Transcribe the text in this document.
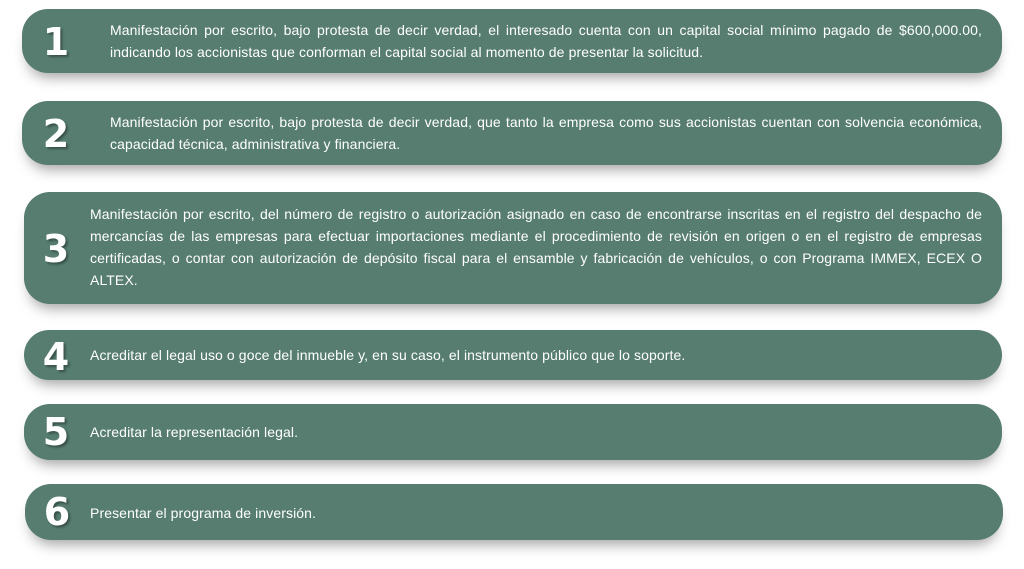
1	Manifestación por escrito, bajo protesta de decir verdad, el interesado cuenta con un capital social mínimo pagado de $600,000.00, indicando los accionistas que conforman el capital social al momento de presentar la solicitud.
2	Manifestación por escrito, bajo protesta de decir verdad, que tanto la empresa como sus accionistas cuentan con solvencia económica, capacidad técnica, administrativa y financiera.
3
Manifestación por escrito, del número de registro o autorización asignado en caso de encontrarse inscritas en el registro del despacho de mercancías de las empresas para efectuar importaciones mediante el procedimiento de revisión en origen o en el registro de empresas certificadas, o contar con autorización de depósito fiscal para el ensamble y fabricación de vehículos, o con Programa IMMEX, ECEX O ALTEX.
4	Acreditar el legal uso o goce del inmueble y, en su caso, el instrumento público que lo soporte.
5	Acreditar la representación legal.
6	Presentar el programa de inversión.
